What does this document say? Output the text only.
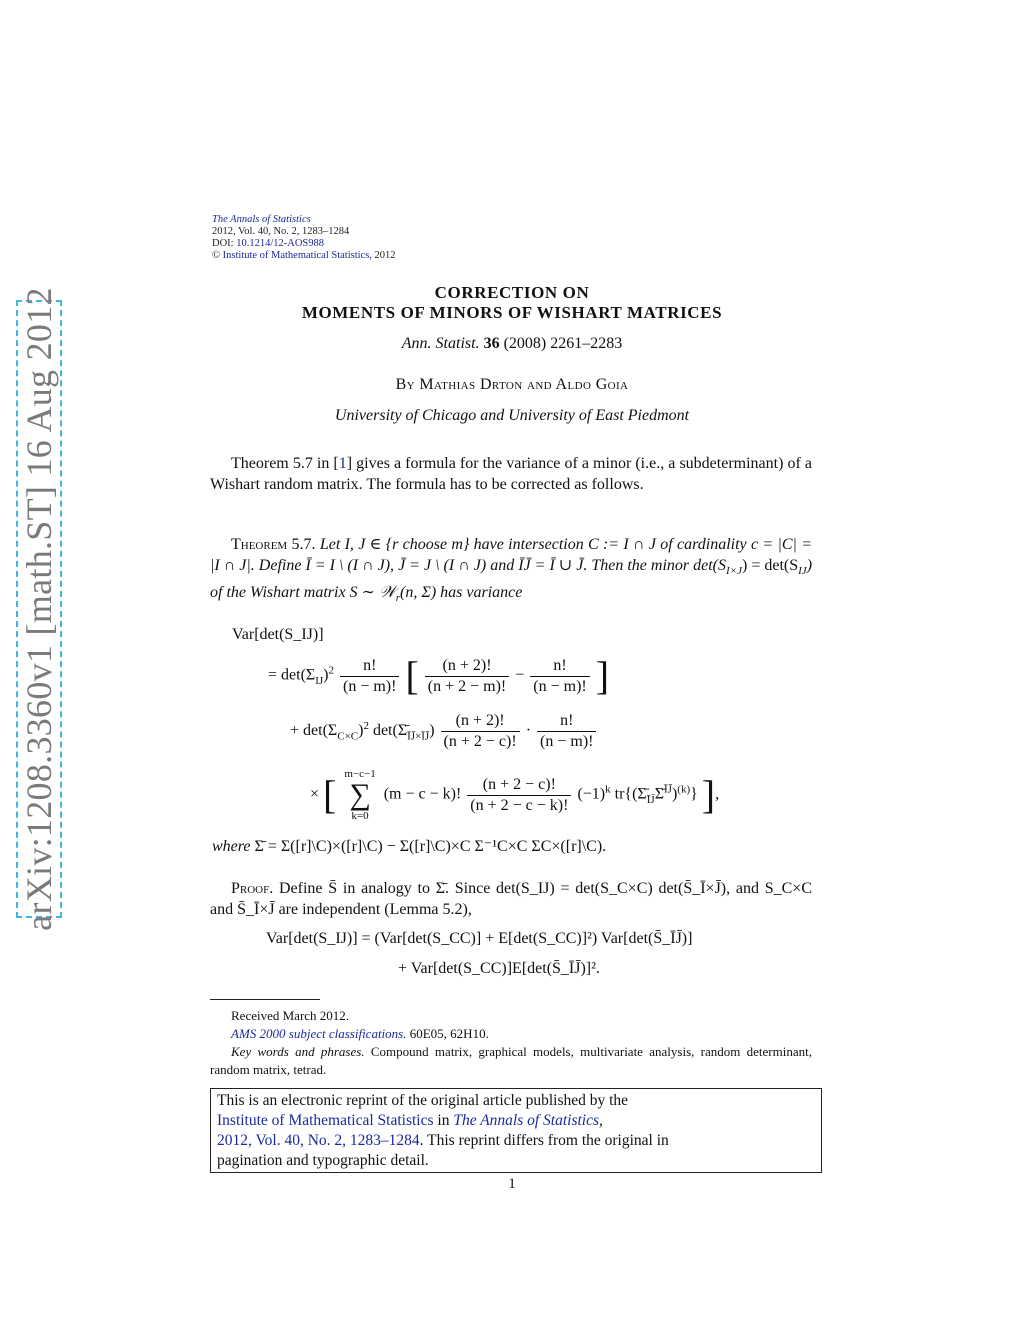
arXiv:1208.3360v1 [math.ST] 16 Aug 2012
The Annals of Statistics
2012, Vol. 40, No. 2, 1283–1284
DOI: 10.1214/12-AOS988
© Institute of Mathematical Statistics, 2012
CORRECTION ON
MOMENTS OF MINORS OF WISHART MATRICES
Ann. Statist. 36 (2008) 2261–2283
By Mathias Drton and Aldo Goia
University of Chicago and University of East Piedmont
Theorem 5.7 in [1] gives a formula for the variance of a minor (i.e., a subdeterminant) of a Wishart random matrix. The formula has to be corrected as follows.
Theorem 5.7. Let I, J ∈ {r choose m} have intersection C := I ∩ J of cardinality c = |C| = |I ∩ J|. Define Ī = I \ (I ∩ J), J̄ = J \ (I ∩ J) and ĪJ̄ = Ī ∪ J̄. Then the minor $\det(S_{I\times J}) = \det(S_{IJ})$ of the Wishart matrix S ∼ 𝒲$_r$(n, Σ) has variance
Var[det(S_IJ)]
= $\det(\Sigma_{IJ})^2 \frac{n!}{(n - m)!}$ [ $\frac{(n + 2)!}{(n + 2 - m)!} - \frac{n!}{(n - m)!}$ ]
+ $\det(\Sigma_{C\times C})^2$ $\det(\Sigmā_{ĪJ̄\times ĪJ̄}) \frac{(n + 2)!}{(n + 2 - c)!} \cdot \frac{n!}{(n - m)!}$
× [ m−c−1
∑
k=0 (m − c − k)! $\frac{(n + 2 - c)!}{(n + 2 - c - k)!} (-1)^k$ $tr\{(\Sigmā_{ĪJ̄}\Sigmā^{ĪJ̄})^{(k)}\}$ ],
where Σ̄ = Σ([r]\C)×([r]\C) − Σ([r]\C)×C Σ⁻¹C×C ΣC×([r]\C).
Proof. Define S̄ in analogy to Σ̄. Since det(S_IJ) = det(S_C×C) det(S̄_Ī×J̄), and S_C×C and S̄_Ī×J̄ are independent (Lemma 5.2),
Var[det(S_IJ)] = (Var[det(S_CC)] + E[det(S_CC)]²) Var[det(S̄_ĪJ̄)]
+ Var[det(S_CC)]E[det(S̄_ĪJ̄)]².
Received March 2012.
AMS 2000 subject classifications. 60E05, 62H10.
Key words and phrases. Compound matrix, graphical models, multivariate analysis, random determinant, random matrix, tetrad.
This is an electronic reprint of the original article published by the
Institute of Mathematical Statistics in The Annals of Statistics,
2012, Vol. 40, No. 2, 1283–1284. This reprint differs from the original in
pagination and typographic detail.
1
